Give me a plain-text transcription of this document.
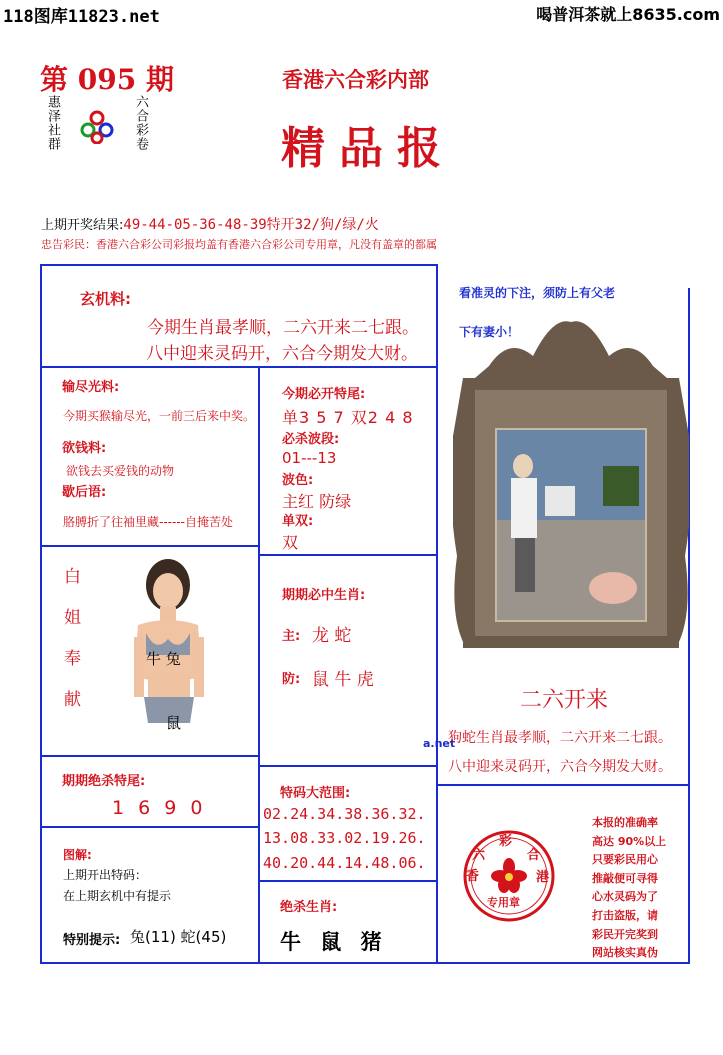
118图库11823.net	喝普洱茶就上8635.com
第 095 期
惠泽社群	六合彩卷
香港六合彩内部
精品报
上期开奖结果:49-44-05-36-48-39特开32/狗/绿/火
忠告彩民：香港六合彩公司彩报均盖有香港六合彩公司专用章，凡没有盖章的都属
玄机料:
今期生肖最孝顺，二六开来二七跟。
八中迎来灵码开，六合今期发大财。
输尽光料:
今期买猴输尽光，一前三后来中奖。
欲钱料:
欲钱去买爱钱的动物
歇后语:
胳膊折了往袖里藏------自掩苦处
今期必开特尾:
单3 5 7 双2 4 8
必杀波段:
01---13
波色:
主红 防绿
单双:
双
白
姐
奉
献
牛 兔
鼠
期期必中生肖:
主: 龙 蛇
防: 鼠 牛 虎
期期绝杀特尾:
1 6 9 0
特码大范围:
02.24.34.38.36.32.
13.08.33.02.19.26.
40.20.44.14.48.06.
图解:
上期开出特码：
在上期玄机中有提示
特别提示: 兔(11) 蛇(45)
绝杀生肖:
牛 鼠 猪
看准灵的下注，须防上有父老
下有妻小！
二六开来
a.net
狗蛇生肖最孝顺，二六开来二七跟。
八中迎来灵码开，六合今期发大财。
彩
六	合
香	港
专用章
本报的准确率
高达 90%以上
只要彩民用心
推敲便可寻得
心水灵码为了
打击盗版，请
彩民开完奖到
网站核实真伪
